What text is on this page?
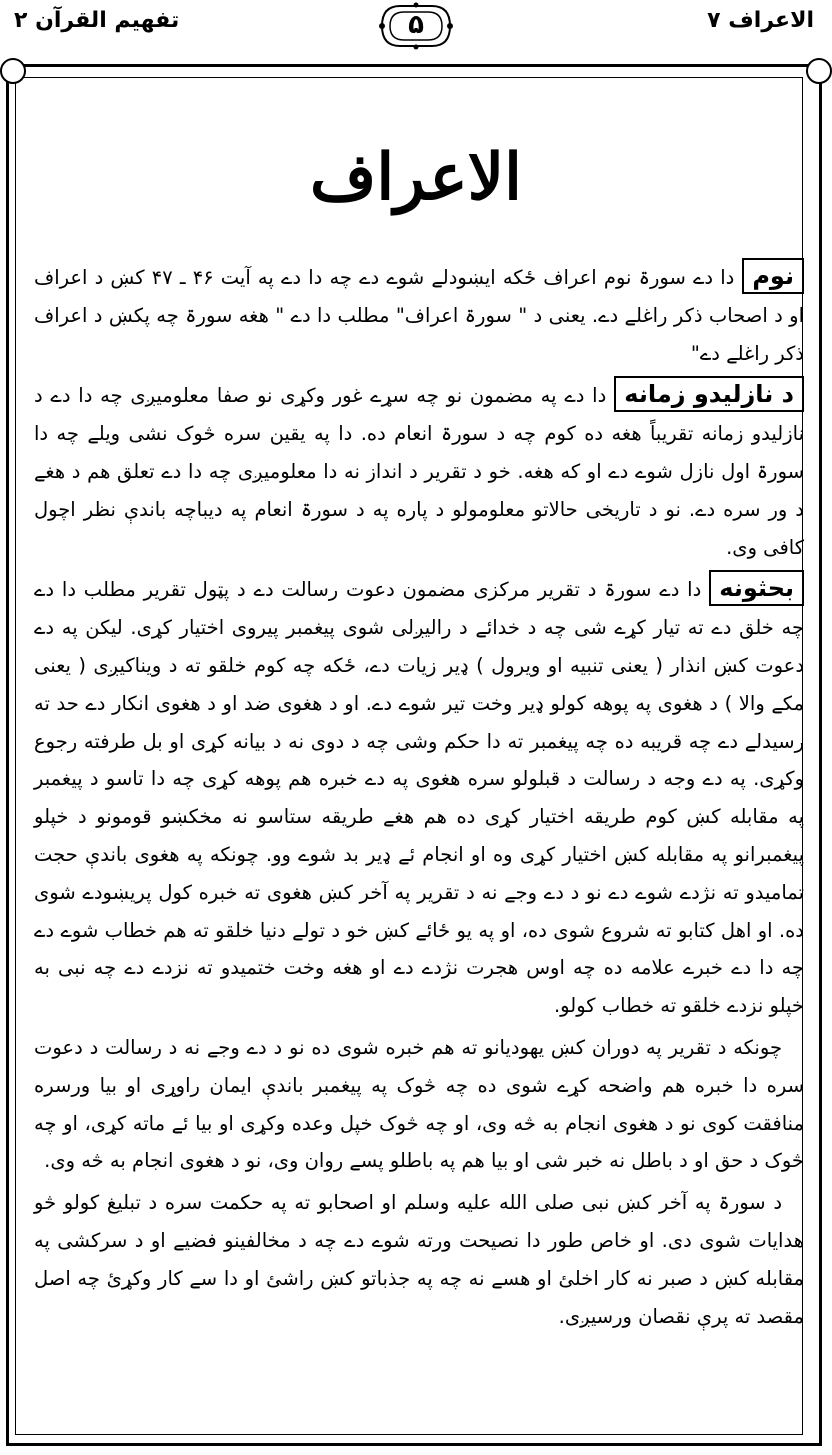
الاعراف ۷
۵
تفهیم القرآن ۲
الاعراف

نومدا دے سورۃ نوم اعراف ځکه ایښودلے شوے دے چه دا دے په آیت ۴۶ ـ ۴۷ کښ د اعراف او د اصحاب ذکر راغلے دے. یعنی د " سورۃ اعراف" مطلب دا دے " هغه سورۃ چه پکښ د اعراف ذکر راغلے دے"

د نازلیدو زمانهدا دے په مضمون نو چه سړے غور وکړی نو صفا معلومیږی چه دا دے د نازلیدو زمانه تقریباً هغه ده کوم چه د سورۃ انعام ده. دا په یقین سره څوک نشی ویلے چه دا سورۃ اول نازل شوے دے او که هغه. خو د تقریر د انداز نه دا معلومیږی چه دا دے تعلق هم د هغے د ور سره دے. نو د تاریخی حالاتو معلومولو د پاره په د سورۃ انعام په دیباچه باندې نظر اچول کافی وی.

بحثونهدا دے سورۃ د تقریر مرکزی مضمون دعوت رسالت دے د پټول تقریر مطلب دا دے چه خلق دے ته تیار کړے شی چه د خدائے د رالیږلی شوی پیغمبر پیروی اختیار کړی. لیکن په دے دعوت کښ انذار ( یعنی تنبیه او ویرول ) ډیر زیات دے، ځکه چه کوم خلقو ته د ویناکیږی ( یعنی مکے والا ) د هغوی په پوهه کولو ډیر وخت تیر شوے دے. او د هغوی ضد او د هغوی انکار دے حد ته رسیدلے دے چه قریبه ده چه پیغمبر ته دا حکم وشی چه د دوی نه د بیانه کړی او بل طرفته رجوع وکړی. په دے وجه د رسالت د قبلولو سره هغوی په دے خبره هم پوهه کړی چه دا تاسو د پیغمبر په مقابله کښ کوم طریقه اختیار کړی ده هم هغے طریقه ستاسو نه مخکښو قومونو د خپلو پیغمبرانو په مقابله کښ اختیار کړی وه او انجام ئے ډیر بد شوے وو. چونکه په هغوی باندې حجت تمامیدو ته نژدے شوے دے نو د دے وجے نه د تقریر په آخر کښ هغوی ته خبره کول پریښودے شوی ده. او اهل کتابو ته شروع شوی ده، او په یو ځائے کښ خو د تولے دنیا خلقو ته هم خطاب شوے دے چه دا دے خبرے علامه ده چه اوس هجرت نژدے دے او هغه وخت ختمیدو ته نزدے دے چه نبی به خپلو نزدے خلقو ته خطاب کولو.

چونکه د تقریر په دوران کښ یهودیانو ته هم خبره شوی ده نو د دے وجے نه د رسالت د دعوت سره دا خبره هم واضحه کړے شوی ده چه څوک په پیغمبر باندې ایمان راوړی او بیا ورسره منافقت کوی نو د هغوی انجام به څه وی، او چه څوک خپل وعده وکړی او بیا ئے ماته کړی، او چه څوک د حق او د باطل نه خبر شی او بیا هم په باطلو پسے روان وی، نو د هغوی انجام به څه وی.

د سورۃ په آخر کښ نبی صلی الله علیه وسلم او اصحابو ته په حکمت سره د تبلیغ کولو څو هدایات شوی دی. او خاص طور دا نصیحت ورته شوے دے چه د مخالفینو فضیے او د سرکشی په مقابله کښ د صبر نه کار اخلئ او هسے نه چه په جذباتو کښ راشئ او دا سے کار وکړئ چه اصل مقصد ته پرې نقصان ورسیږی.
